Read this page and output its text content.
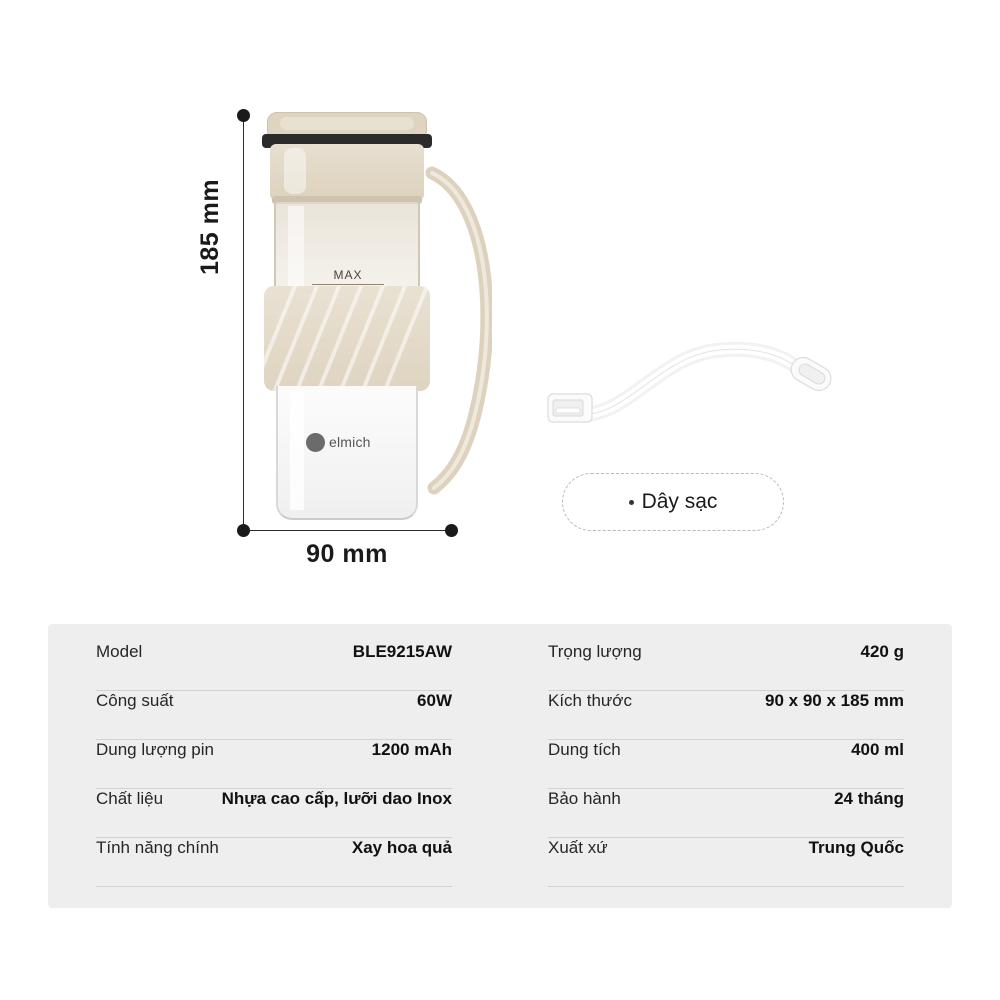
185 mm
90 mm
MAX
elmich
Dây sạc
Model	BLE9215AW
Công suất	60W
Dung lượng pin	1200 mAh
Chất liệu	Nhựa cao cấp, lưỡi dao Inox
Tính năng chính	Xay hoa quả
Trọng lượng	420 g
Kích thước	90 x 90 x 185 mm
Dung tích	400 ml
Bảo hành	24 tháng
Xuất xứ	Trung Quốc
